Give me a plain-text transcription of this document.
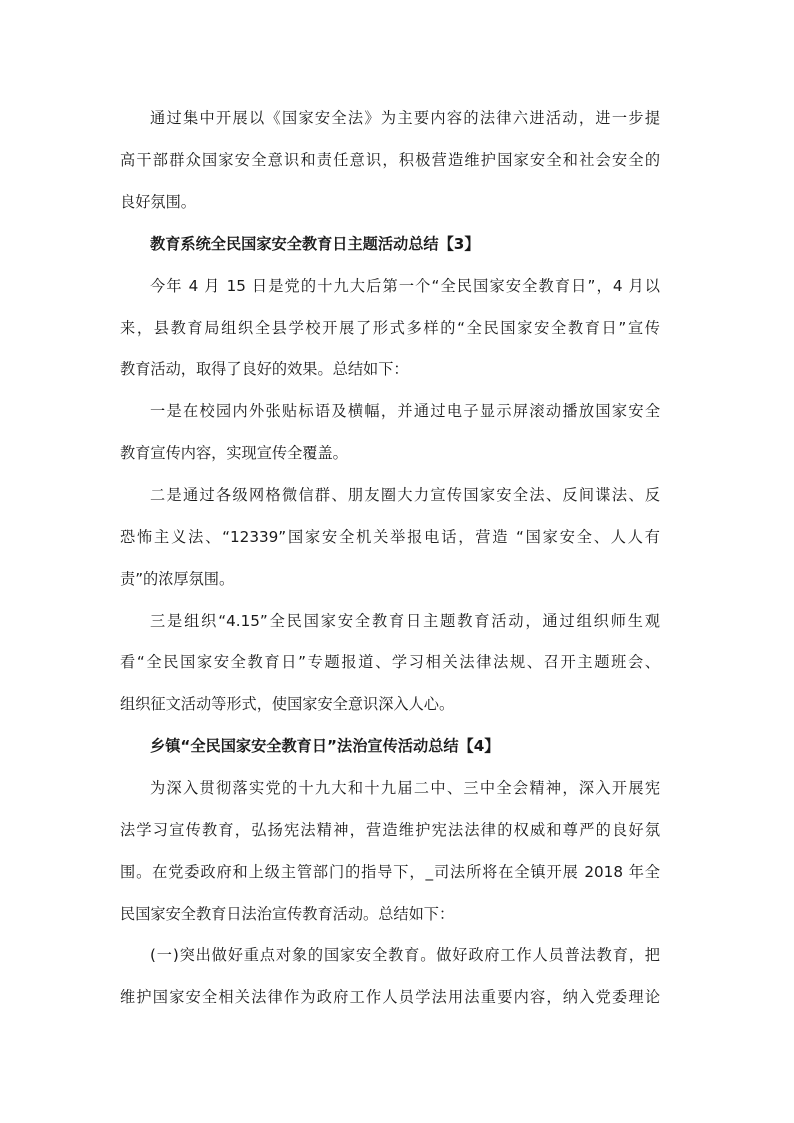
通过集中开展以《国家安全法》为主要内容的法律六进活动，进一步提
高干部群众国家安全意识和责任意识，积极营造维护国家安全和社会安全的
良好氛围。
教育系统全民国家安全教育日主题活动总结【3】
今年 4 月 15 日是党的十九大后第一个“全民国家安全教育日”，4 月以
来，县教育局组织全县学校开展了形式多样的“全民国家安全教育日”宣传
教育活动，取得了良好的效果。总结如下：
一是在校园内外张贴标语及横幅，并通过电子显示屏滚动播放国家安全
教育宣传内容，实现宣传全覆盖。
二是通过各级网格微信群、朋友圈大力宣传国家安全法、反间谍法、反
恐怖主义法、“12339”国家安全机关举报电话，营造 “国家安全、人人有
责”的浓厚氛围。
三是组织“4.15”全民国家安全教育日主题教育活动，通过组织师生观
看“全民国家安全教育日”专题报道、学习相关法律法规、召开主题班会、
组织征文活动等形式，使国家安全意识深入人心。
乡镇“全民国家安全教育日”法治宣传活动总结【4】
为深入贯彻落实党的十九大和十九届二中、三中全会精神，深入开展宪
法学习宣传教育，弘扬宪法精神，营造维护宪法法律的权威和尊严的良好氛
围。在党委政府和上级主管部门的指导下，_司法所将在全镇开展 2018 年全
民国家安全教育日法治宣传教育活动。总结如下：
(一)突出做好重点对象的国家安全教育。做好政府工作人员普法教育，把
维护国家安全相关法律作为政府工作人员学法用法重要内容，纳入党委理论
